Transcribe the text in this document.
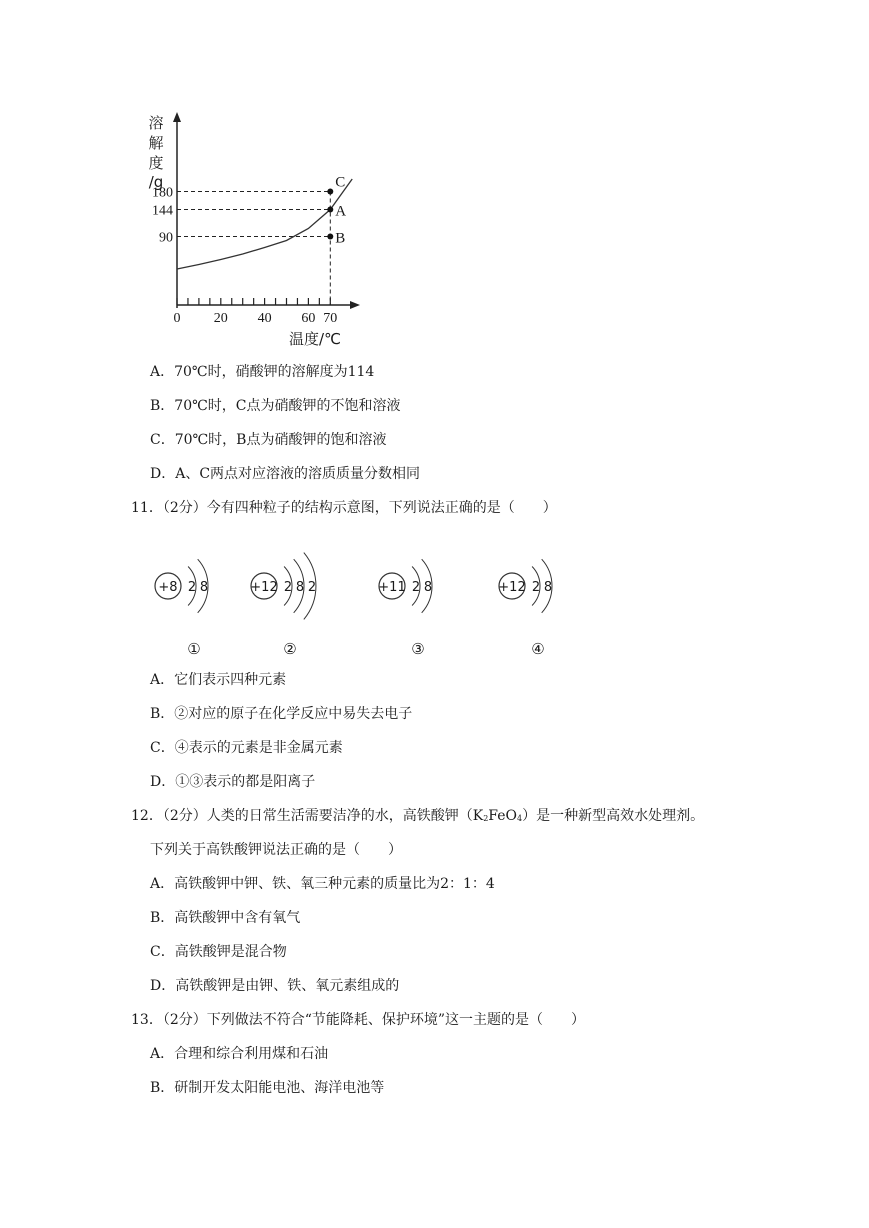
溶
解
度
/g
0 20 40 60 70
90
144
180
C
A
B
温度/℃
A．70℃时，硝酸钾的溶解度为114
B．70℃时，C点为硝酸钾的不饱和溶液
C．70℃时，B点为硝酸钾的饱和溶液
D．A、C两点对应溶液的溶质质量分数相同
11．（2分）今有四种粒子的结构示意图，下列说法正确的是（　　）
+8 2 8
①
+12 2 8 2
②
+11 2 8
③
+12 2 8
④
A．它们表示四种元素
B．②对应的原子在化学反应中易失去电子
C．④表示的元素是非金属元素
D．①③表示的都是阳离子
12．（2分）人类的日常生活需要洁净的水，高铁酸钾$(K_2FeO_4)$是一种新型高效水处理剂。
下列关于高铁酸钾说法正确的是（　　）
A．高铁酸钾中钾、铁、氧三种元素的质量比为2：1：4
B．高铁酸钾中含有氧气
C．高铁酸钾是混合物
D．高铁酸钾是由钾、铁、氧元素组成的
13．（2分）下列做法不符合“节能降耗、保护环境”这一主题的是（　　）
A．合理和综合利用煤和石油
B．研制开发太阳能电池、海洋电池等
